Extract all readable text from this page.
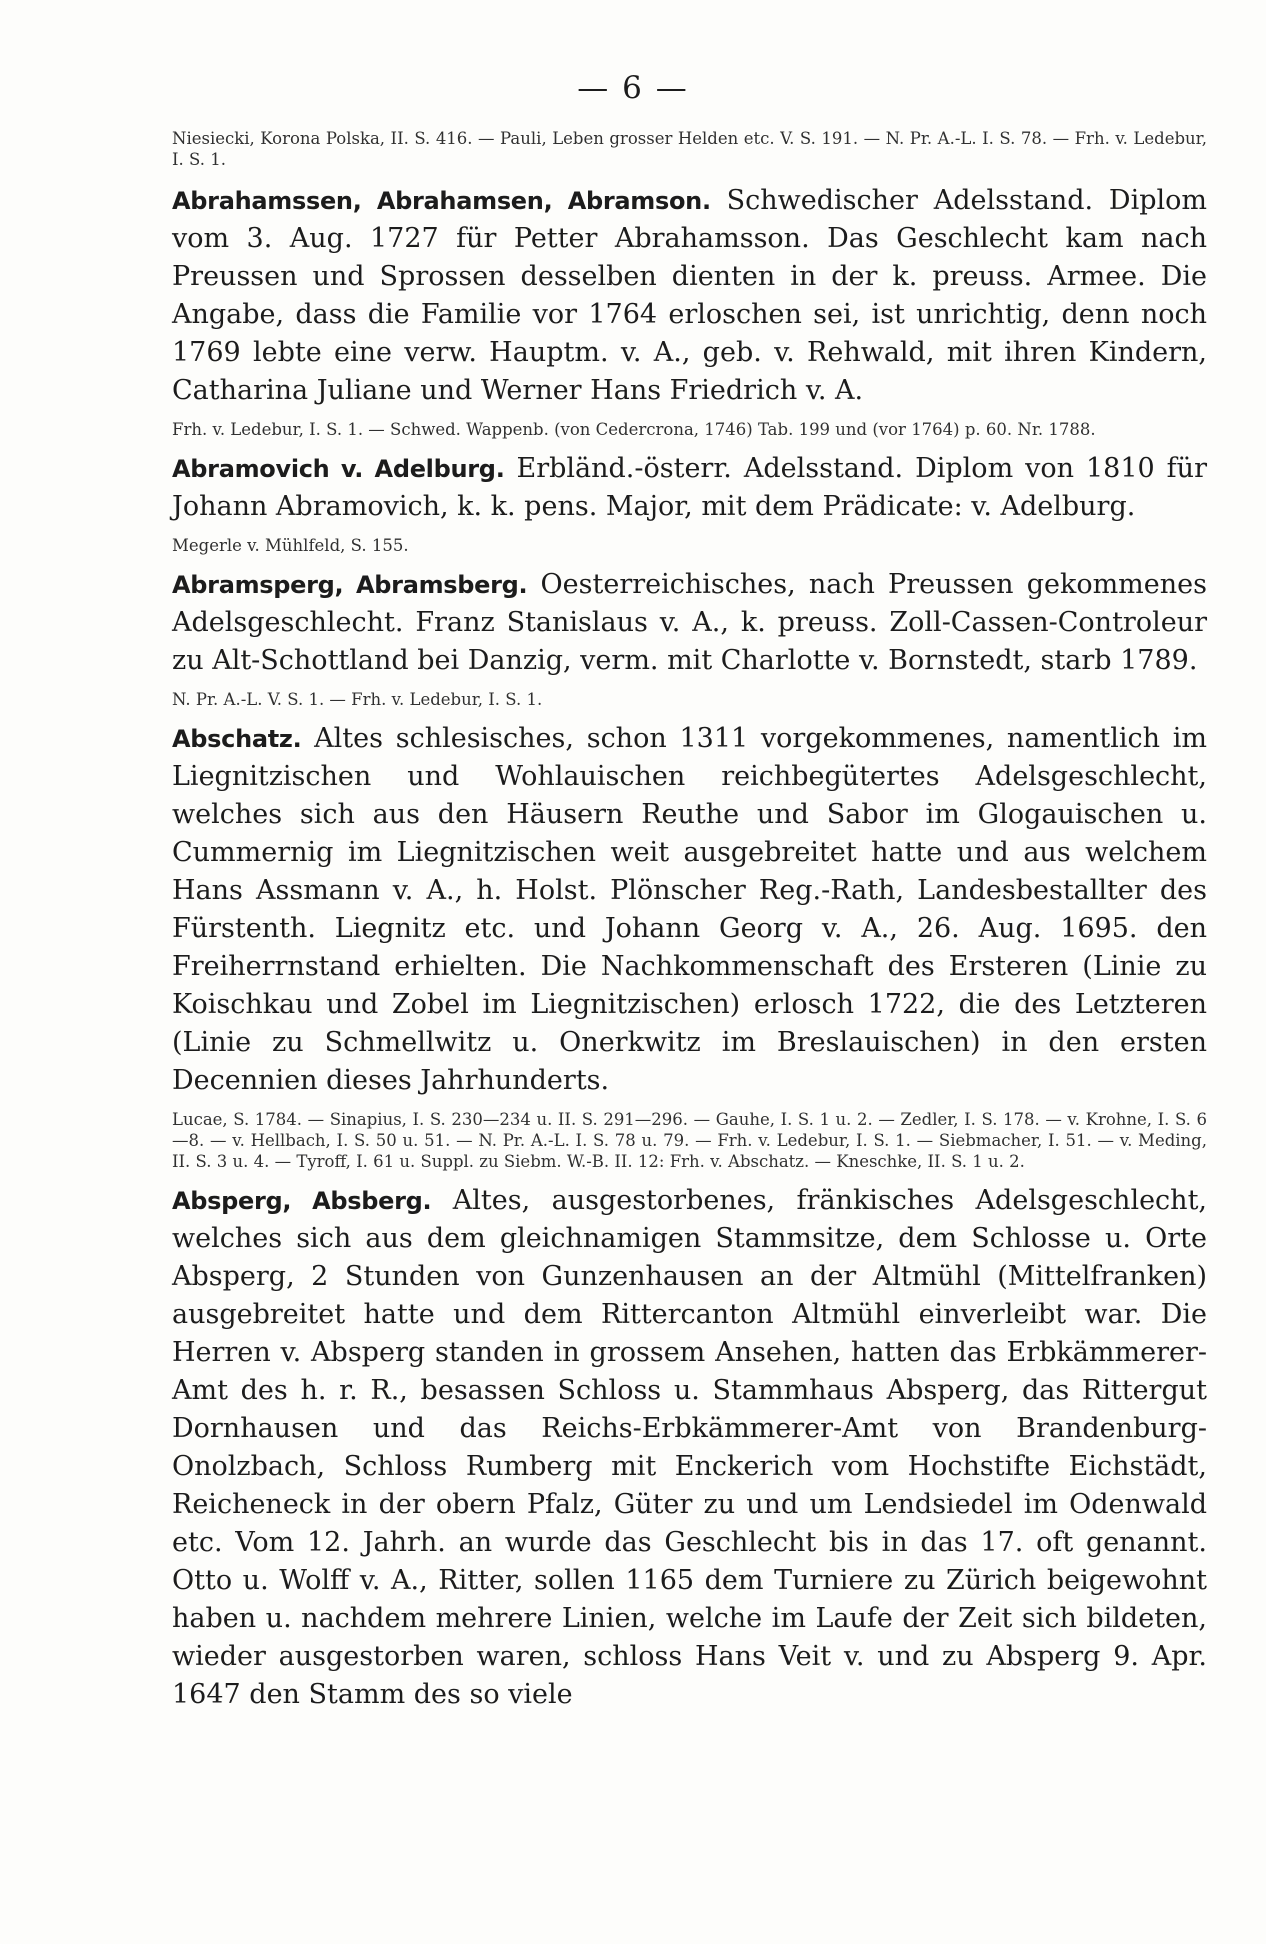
— 6 —
Niesiecki, Korona Polska, II. S. 416. — Pauli, Leben grosser Helden etc. V. S. 191. — N. Pr. A.-L. I. S. 78. — Frh. v. Ledebur, I. S. 1.

Abrahamssen, Abrahamsen, Abramson. Schwedischer Adelsstand. Diplom vom 3. Aug. 1727 für Petter Abrahamsson. Das Geschlecht kam nach Preussen und Sprossen desselben dienten in der k. preuss. Armee. Die Angabe, dass die Familie vor 1764 erloschen sei, ist unrichtig, denn noch 1769 lebte eine verw. Hauptm. v. A., geb. v. Rehwald, mit ihren Kindern, Catharina Juliane und Werner Hans Friedrich v. A.

Frh. v. Ledebur, I. S. 1. — Schwed. Wappenb. (von Cedercrona, 1746) Tab. 199 und (vor 1764) p. 60. Nr. 1788.

Abramovich v. Adelburg. Erbländ.-österr. Adelsstand. Diplom von 1810 für Johann Abramovich, k. k. pens. Major, mit dem Prädicate: v. Adelburg.

Megerle v. Mühlfeld, S. 155.

Abramsperg, Abramsberg. Oesterreichisches, nach Preussen gekommenes Adelsgeschlecht. Franz Stanislaus v. A., k. preuss. Zoll-Cassen-Controleur zu Alt-Schottland bei Danzig, verm. mit Charlotte v. Bornstedt, starb 1789.

N. Pr. A.-L. V. S. 1. — Frh. v. Ledebur, I. S. 1.

Abschatz. Altes schlesisches, schon 1311 vorgekommenes, namentlich im Liegnitzischen und Wohlauischen reichbegütertes Adelsgeschlecht, welches sich aus den Häusern Reuthe und Sabor im Glogauischen u. Cummernig im Liegnitzischen weit ausgebreitet hatte und aus welchem Hans Assmann v. A., h. Holst. Plönscher Reg.-Rath, Landesbestallter des Fürstenth. Liegnitz etc. und Johann Georg v. A., 26. Aug. 1695. den Freiherrnstand erhielten. Die Nachkommenschaft des Ersteren (Linie zu Koischkau und Zobel im Liegnitzischen) erlosch 1722, die des Letzteren (Linie zu Schmellwitz u. Onerkwitz im Breslauischen) in den ersten Decennien dieses Jahrhunderts.

Lucae, S. 1784. — Sinapius, I. S. 230—234 u. II. S. 291—296. — Gauhe, I. S. 1 u. 2. — Zedler, I. S. 178. — v. Krohne, I. S. 6—8. — v. Hellbach, I. S. 50 u. 51. — N. Pr. A.-L. I. S. 78 u. 79. — Frh. v. Ledebur, I. S. 1. — Siebmacher, I. 51. — v. Meding, II. S. 3 u. 4. — Tyroff, I. 61 u. Suppl. zu Siebm. W.-B. II. 12: Frh. v. Abschatz. — Kneschke, II. S. 1 u. 2.

Absperg, Absberg. Altes, ausgestorbenes, fränkisches Adelsgeschlecht, welches sich aus dem gleichnamigen Stammsitze, dem Schlosse u. Orte Absperg, 2 Stunden von Gunzenhausen an der Altmühl (Mittelfranken) ausgebreitet hatte und dem Rittercanton Altmühl einverleibt war. Die Herren v. Absperg standen in grossem Ansehen, hatten das Erbkämmerer-Amt des h. r. R., besassen Schloss u. Stammhaus Absperg, das Rittergut Dornhausen und das Reichs-Erbkämmerer-Amt von Brandenburg-Onolzbach, Schloss Rumberg mit Enckerich vom Hochstifte Eichstädt, Reicheneck in der obern Pfalz, Güter zu und um Lendsiedel im Odenwald etc. Vom 12. Jahrh. an wurde das Geschlecht bis in das 17. oft genannt. Otto u. Wolff v. A., Ritter, sollen 1165 dem Turniere zu Zürich beigewohnt haben u. nachdem mehrere Linien, welche im Laufe der Zeit sich bildeten, wieder ausgestorben waren, schloss Hans Veit v. und zu Absperg 9. Apr. 1647 den Stamm des so viele
